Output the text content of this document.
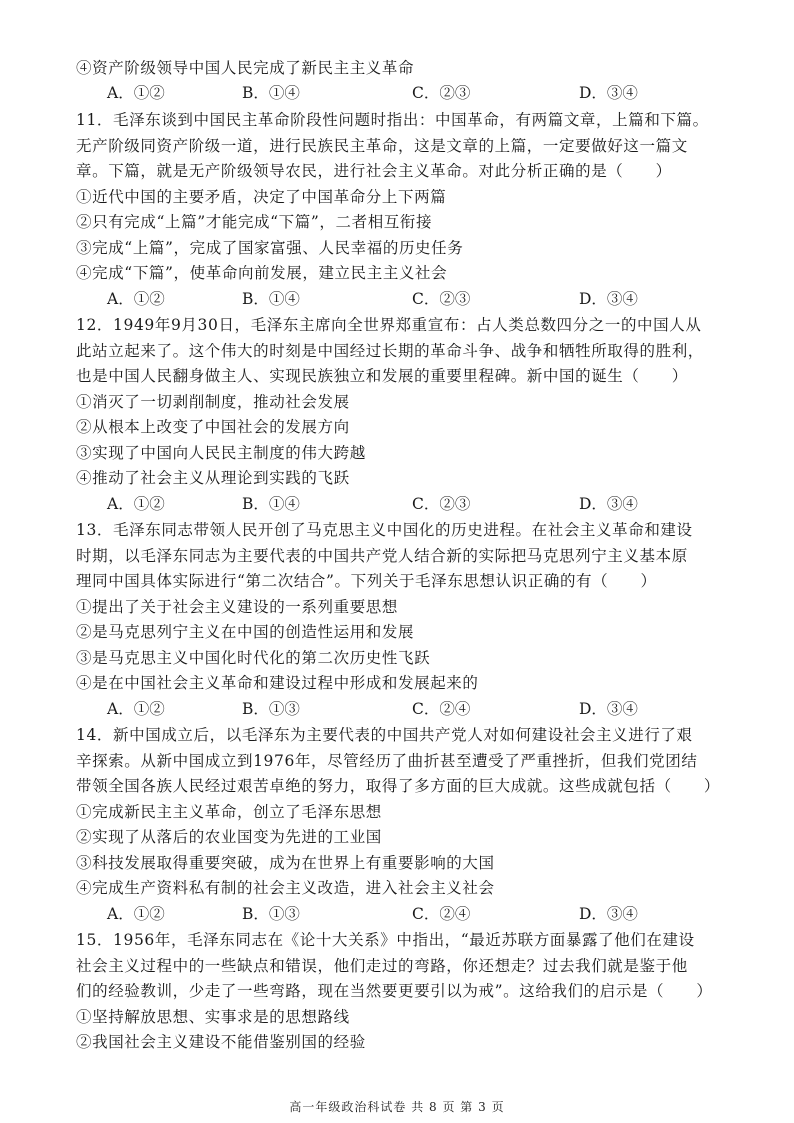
④资产阶级领导中国人民完成了新民主主义革命
A．①②	B．①④	C．②③	D．③④
11．毛泽东谈到中国民主革命阶段性问题时指出：中国革命，有两篇文章，上篇和下篇。
无产阶级同资产阶级一道，进行民族民主革命，这是文章的上篇，一定要做好这一篇文
章。下篇，就是无产阶级领导农民，进行社会主义革命。对此分析正确的是（　　）
①近代中国的主要矛盾，决定了中国革命分上下两篇
②只有完成“上篇”才能完成“下篇”，二者相互衔接
③完成“上篇”，完成了国家富强、人民幸福的历史任务
④完成“下篇”，使革命向前发展，建立民主主义社会
A．①②	B．①④	C．②③	D．③④
12．1949年9月30日，毛泽东主席向全世界郑重宣布：占人类总数四分之一的中国人从
此站立起来了。这个伟大的时刻是中国经过长期的革命斗争、战争和牺牲所取得的胜利，
也是中国人民翻身做主人、实现民族独立和发展的重要里程碑。新中国的诞生（　　）
①消灭了一切剥削制度，推动社会发展
②从根本上改变了中国社会的发展方向
③实现了中国向人民民主制度的伟大跨越
④推动了社会主义从理论到实践的飞跃
A．①②	B．①④	C．②③	D．③④
13．毛泽东同志带领人民开创了马克思主义中国化的历史进程。在社会主义革命和建设
时期，以毛泽东同志为主要代表的中国共产党人结合新的实际把马克思列宁主义基本原
理同中国具体实际进行“第二次结合”。下列关于毛泽东思想认识正确的有（　　）
①提出了关于社会主义建设的一系列重要思想
②是马克思列宁主义在中国的创造性运用和发展
③是马克思主义中国化时代化的第二次历史性飞跃
④是在中国社会主义革命和建设过程中形成和发展起来的
A．①②	B．①③	C．②④	D．③④
14．新中国成立后，以毛泽东为主要代表的中国共产党人对如何建设社会主义进行了艰
辛探索。从新中国成立到1976年，尽管经历了曲折甚至遭受了严重挫折，但我们党团结
带领全国各族人民经过艰苦卓绝的努力，取得了多方面的巨大成就。这些成就包括（　　）
①完成新民主主义革命，创立了毛泽东思想
②实现了从落后的农业国变为先进的工业国
③科技发展取得重要突破，成为在世界上有重要影响的大国
④完成生产资料私有制的社会主义改造，进入社会主义社会
A．①②	B．①③	C．②④	D．③④
15．1956年，毛泽东同志在《论十大关系》中指出，“最近苏联方面暴露了他们在建设
社会主义过程中的一些缺点和错误，他们走过的弯路，你还想走？过去我们就是鉴于他
们的经验教训，少走了一些弯路，现在当然要更要引以为戒”。这给我们的启示是（　　）
①坚持解放思想、实事求是的思想路线
②我国社会主义建设不能借鉴别国的经验
高一年级政治科试卷 共 8 页 第 3 页
